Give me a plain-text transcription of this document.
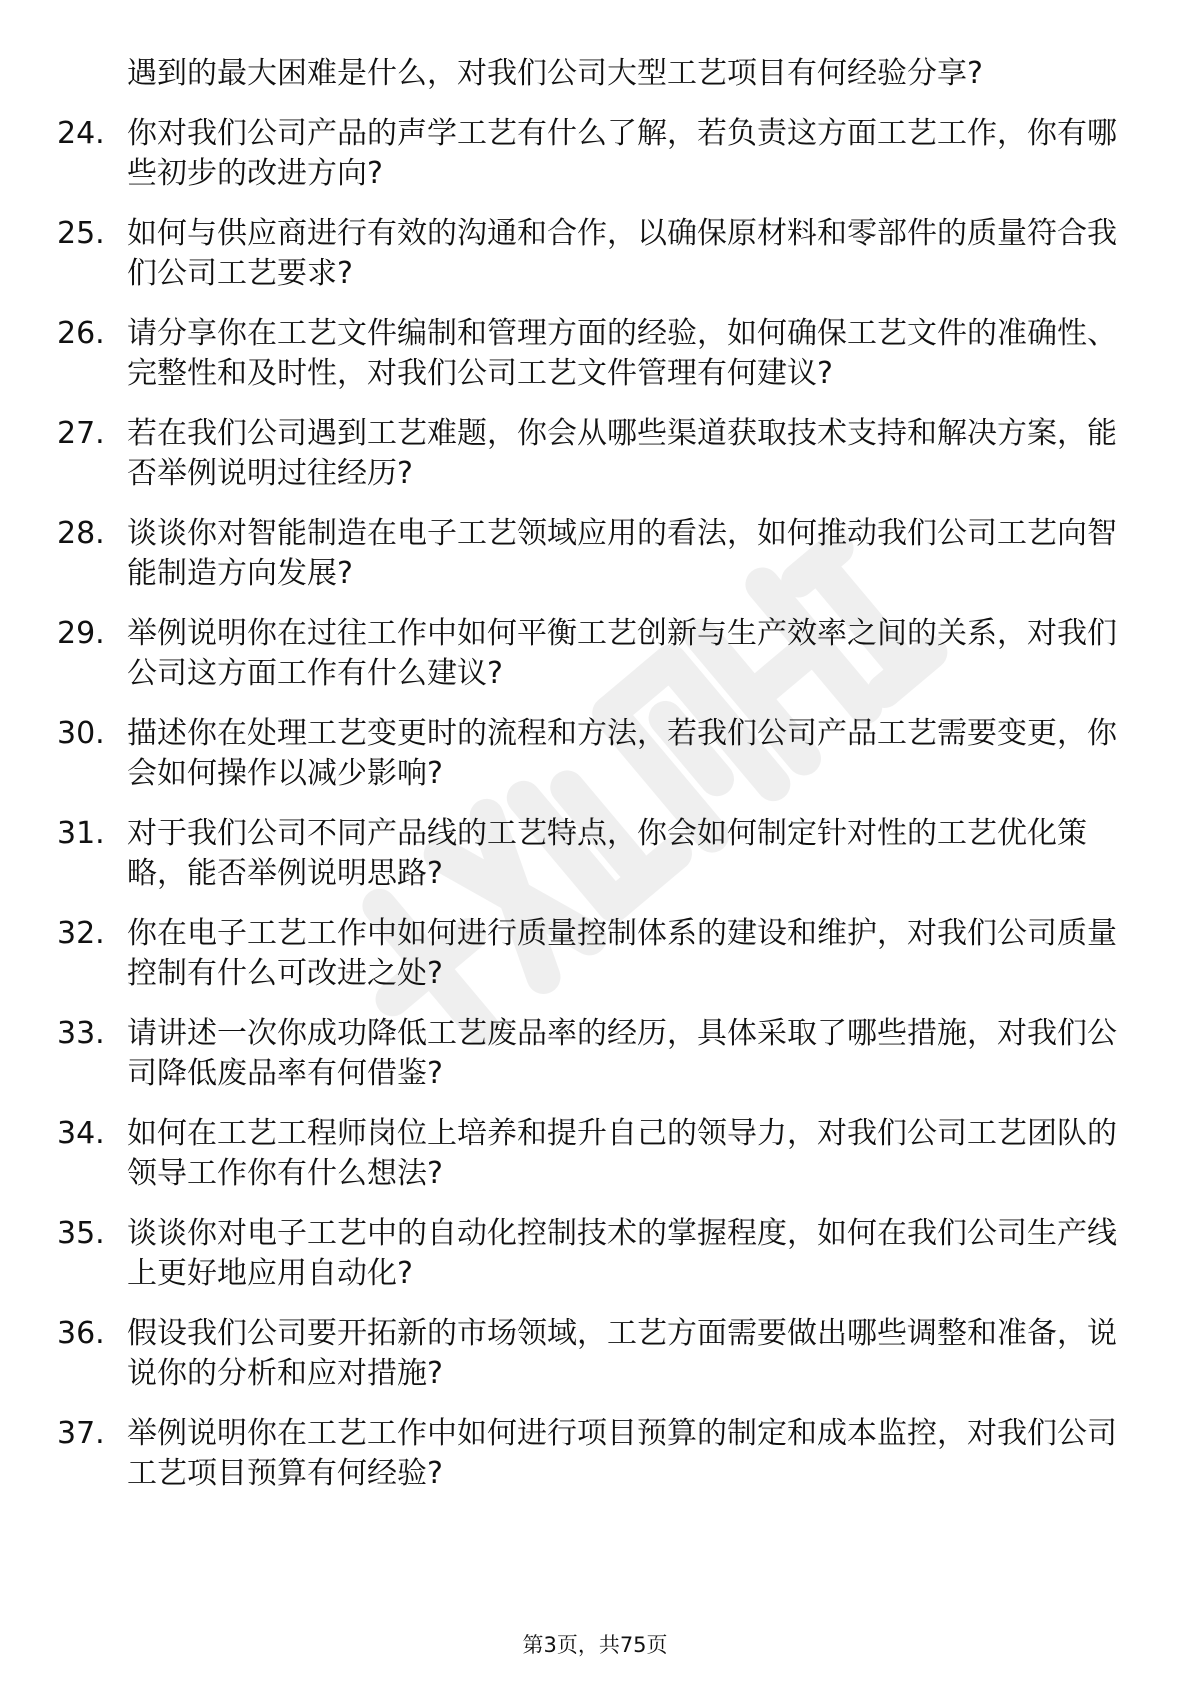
遇到的最大困难是什么，对我们公司大型工艺项目有何经验分享?
24. 你对我们公司产品的声学工艺有什么了解，若负责这方面工艺工作，你有哪些初步的改进方向?
25. 如何与供应商进行有效的沟通和合作，以确保原材料和零部件的质量符合我们公司工艺要求?
26. 请分享你在工艺文件编制和管理方面的经验，如何确保工艺文件的准确性、完整性和及时性，对我们公司工艺文件管理有何建议?
27. 若在我们公司遇到工艺难题，你会从哪些渠道获取技术支持和解决方案，能否举例说明过往经历?
28. 谈谈你对智能制造在电子工艺领域应用的看法，如何推动我们公司工艺向智能制造方向发展?
29. 举例说明你在过往工作中如何平衡工艺创新与生产效率之间的关系，对我们公司这方面工作有什么建议?
30. 描述你在处理工艺变更时的流程和方法，若我们公司产品工艺需要变更，你会如何操作以减少影响?
31. 对于我们公司不同产品线的工艺特点，你会如何制定针对性的工艺优化策略，能否举例说明思路?
32. 你在电子工艺工作中如何进行质量控制体系的建设和维护，对我们公司质量控制有什么可改进之处?
33. 请讲述一次你成功降低工艺废品率的经历，具体采取了哪些措施，对我们公司降低废品率有何借鉴?
34. 如何在工艺工程师岗位上培养和提升自己的领导力，对我们公司工艺团队的领导工作你有什么想法?
35. 谈谈你对电子工艺中的自动化控制技术的掌握程度，如何在我们公司生产线上更好地应用自动化?
36. 假设我们公司要开拓新的市场领域，工艺方面需要做出哪些调整和准备，说说你的分析和应对措施?
37. 举例说明你在工艺工作中如何进行项目预算的制定和成本监控，对我们公司工艺项目预算有何经验?
第3页，共75页
